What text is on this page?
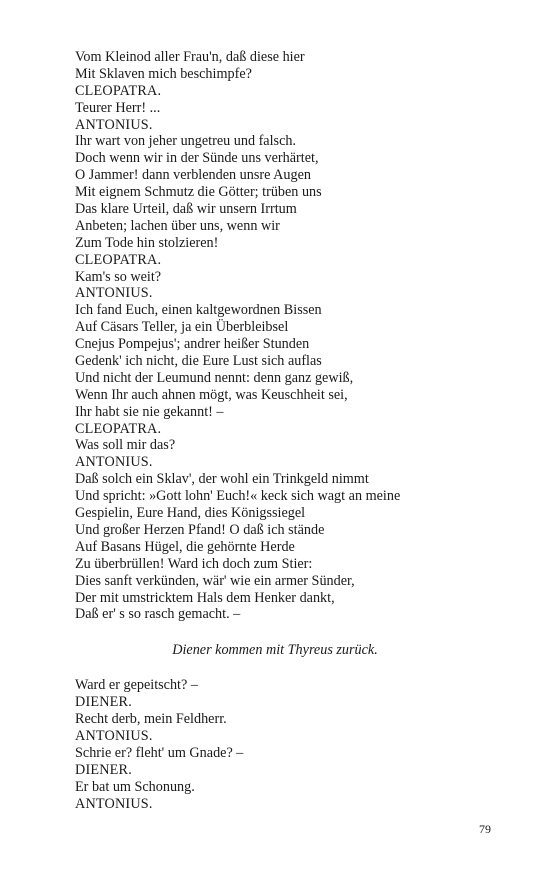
Vom Kleinod aller Frau'n, daß diese hier
Mit Sklaven mich beschimpfe?
CLEOPATRA.
Teurer Herr! ...
ANTONIUS.
Ihr wart von jeher ungetreu und falsch.
Doch wenn wir in der Sünde uns verhärtet,
O Jammer! dann verblenden unsre Augen
Mit eignem Schmutz die Götter; trüben uns
Das klare Urteil, daß wir unsern Irrtum
Anbeten; lachen über uns, wenn wir
Zum Tode hin stolzieren!
CLEOPATRA.
Kam's so weit?
ANTONIUS.
Ich fand Euch, einen kaltgewordnen Bissen
Auf Cäsars Teller, ja ein Überbleibsel
Cnejus Pompejus'; andrer heißer Stunden
Gedenk' ich nicht, die Eure Lust sich auflas
Und nicht der Leumund nennt: denn ganz gewiß,
Wenn Ihr auch ahnen mögt, was Keuschheit sei,
Ihr habt sie nie gekannt! –
CLEOPATRA.
Was soll mir das?
ANTONIUS.
Daß solch ein Sklav', der wohl ein Trinkgeld nimmt
Und spricht: »Gott lohn' Euch!« keck sich wagt an meine
Gespielin, Eure Hand, dies Königssiegel
Und großer Herzen Pfand! O daß ich stände
Auf Basans Hügel, die gehörnte Herde
Zu überbrüllen! Ward ich doch zum Stier:
Dies sanft verkünden, wär' wie ein armer Sünder,
Der mit umstricktem Hals dem Henker dankt,
Daß er' s so rasch gemacht. –
Diener kommen mit Thyreus zurück.
Ward er gepeitscht? –
DIENER.
Recht derb, mein Feldherr.
ANTONIUS.
Schrie er? fleht' um Gnade? –
DIENER.
Er bat um Schonung.
ANTONIUS.
79
